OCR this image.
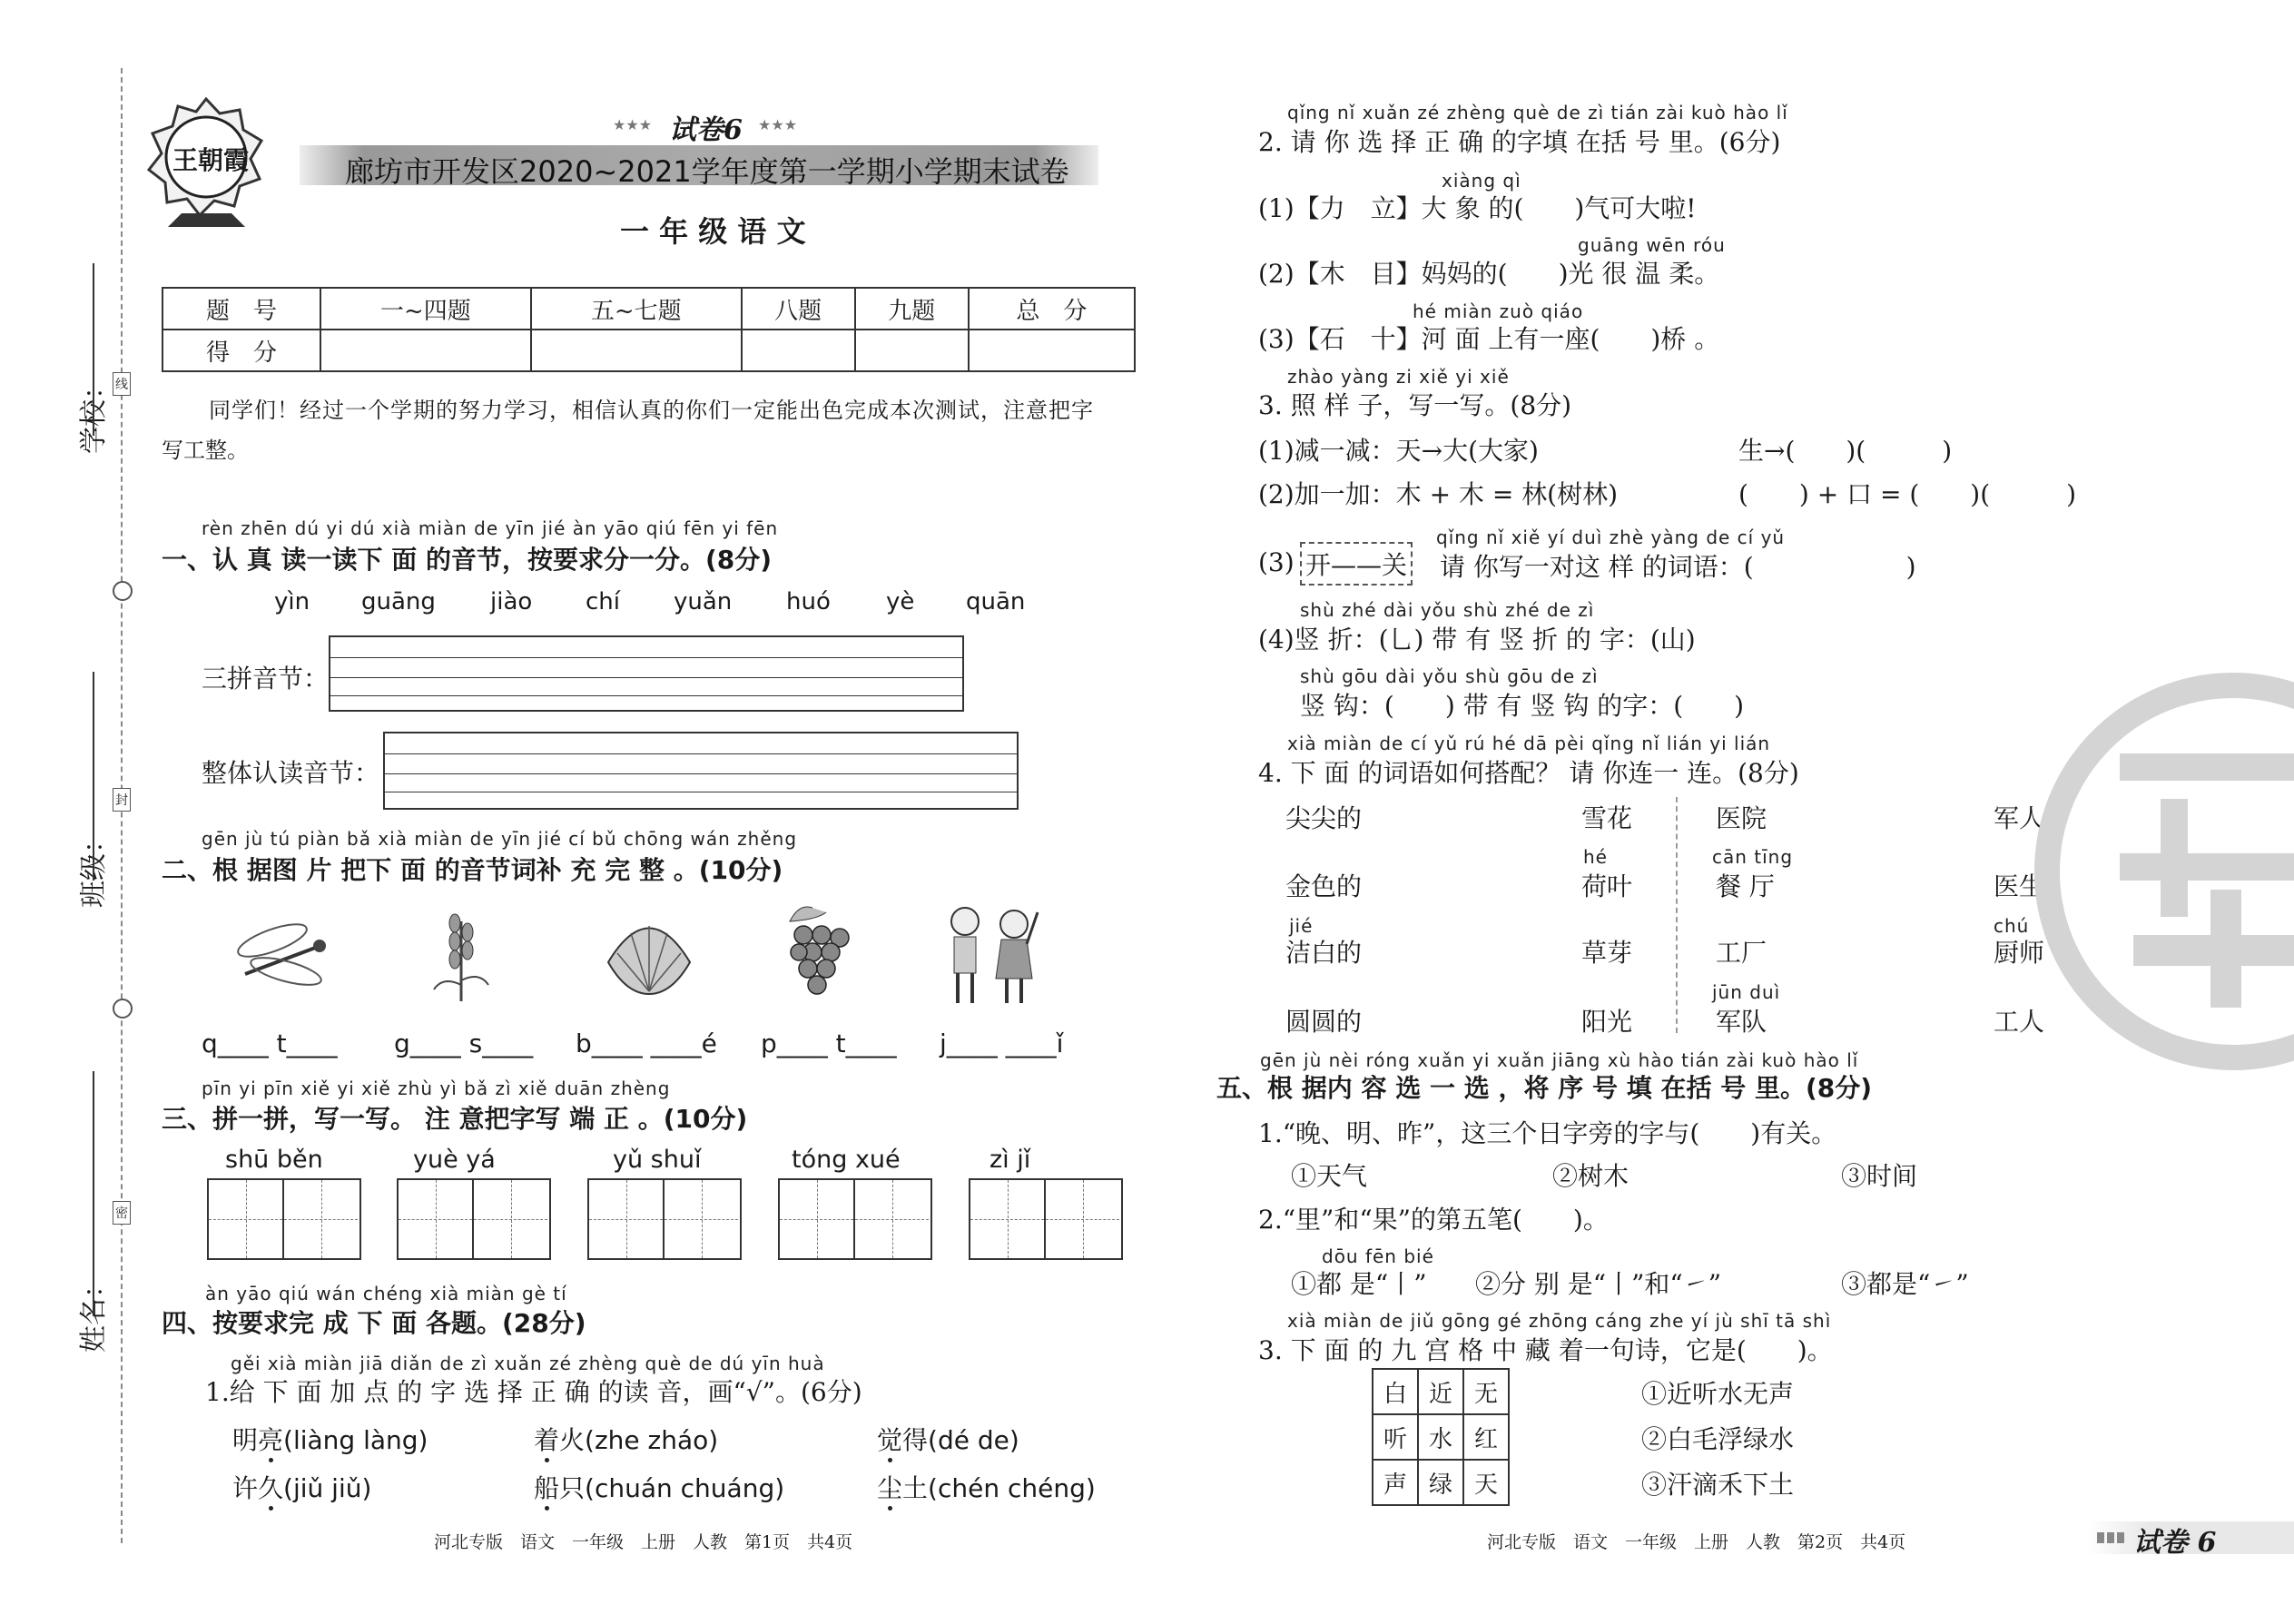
学校：
班级：
姓名：
线
封
密
王朝霞
★★★ 试卷6 ★★★
廊坊市开发区2020~2021学年度第一学期小学期末试卷
一 年 级 语 文
题　号	一~四题	五~七题	八题	九题	总　分
得　分					
同学们！经过一个学期的努力学习，相信认真的你们一定能出色完成本次测试，注意把字
写工整。
rèn zhēn dú yi dú xià miàn de yīn jié àn yāo qiú fēn yi fēn
一、认 真 读一读下 面 的音节，按要求分一分。(8分)
yìn guāng jiào chí yuǎn huó yè quān
三拼音节：
整体认读音节：
gēn jù tú piàn bǎ xià miàn de yīn jié cí bǔ chōng wán zhěng
二、根 据图 片 把下 面 的音节词补 充 完 整 。(10分)
q____ t____ g____ s____ b____ ____é p____ t____ j____ ____ǐ
pīn yi pīn xiě yi xiě zhù yì bǎ zì xiě duān zhèng
三、拼一拼，写一写。 注 意把字写 端 正 。(10分)
shū běn	yuè yá	yǔ shuǐ	tóng xué	zì jǐ
àn yāo qiú wán chéng xià miàn gè tí
四、按要求完 成 下 面 各题。(28分)
gěi xià miàn jiā diǎn de zì xuǎn zé zhèng què de dú yīn huà
1.给 下 面 加 点 的 字 选 择 正 确 的读 音，画“√”。(6分)
明亮(liàng làng)	着火(zhe zháo)	觉得(dé de)
许久(jiǔ jiǔ)	船只(chuán chuáng)	尘土(chén chéng)
河北专版　语文　一年级　上册　人教　第1页　共4页
qǐng nǐ xuǎn zé zhèng què de zì tián zài kuò hào lǐ
2. 请 你 选 择 正 确 的字填 在括 号 里。(6分)
xiàng qì
(1)【力　立】大 象 的(　　)气可大啦!
guāng wēn róu
(2)【木　目】妈妈的(　　)光 很 温 柔。
hé miàn zuò qiáo
(3)【石　十】河 面 上有一座(　　)桥 。
zhào yàng zi xiě yi xiě
3. 照 样 子，写一写。(8分)
(1)减一减：天→大(大家)	生→(　　)(　　　)
(2)加一加：木 + 木 = 林(树林)	(　　) + 口 = (　　)(　　　)
(3) 开——关
qǐng nǐ xiě yí duì zhè yàng de cí yǔ
请 你写一对这 样 的词语：(　　　　　　)
shù zhé dài yǒu shù zhé de zì
(4)竖 折：(⺃) 带 有 竖 折 的 字：(山)
shù gōu dài yǒu shù gōu de zì
竖 钩：(　　) 带 有 竖 钩 的字：(　　)
xià miàn de cí yǔ rú hé dā pèi qǐng nǐ lián yi lián
4. 下 面 的词语如何搭配？ 请 你连一 连。(8分)
尖尖的
jié
金色的
洁白的
圆圆的
雪花
hé
荷叶
草芽
阳光
医院
cān tīng
餐 厅
工厂
jūn duì
军队
军人
医生
chú
厨师
工人
gēn jù nèi róng xuǎn yi xuǎn jiāng xù hào tián zài kuò hào lǐ
五、根 据内 容 选 一 选 ，将 序 号 填 在括 号 里。(8分)
1.“晚、明、昨”，这三个日字旁的字与(　　)有关。
①天气	②树木	③时间
2.“里”和“果”的第五笔(　　)。
dōu fēn bié
①都 是“丨” ②分 别 是“丨”和“㇀”	③都是“㇀”
xià miàn de jiǔ gōng gé zhōng cáng zhe yí jù shī tā shì
3. 下 面 的 九 宫 格 中 藏 着一句诗，它是(　　)。
白	近	无
听	水	红
声	绿	天
①近听水无声
②白毛浮绿水
③汗滴禾下土
河北专版　语文　一年级　上册　人教　第2页　共4页	试卷 6
